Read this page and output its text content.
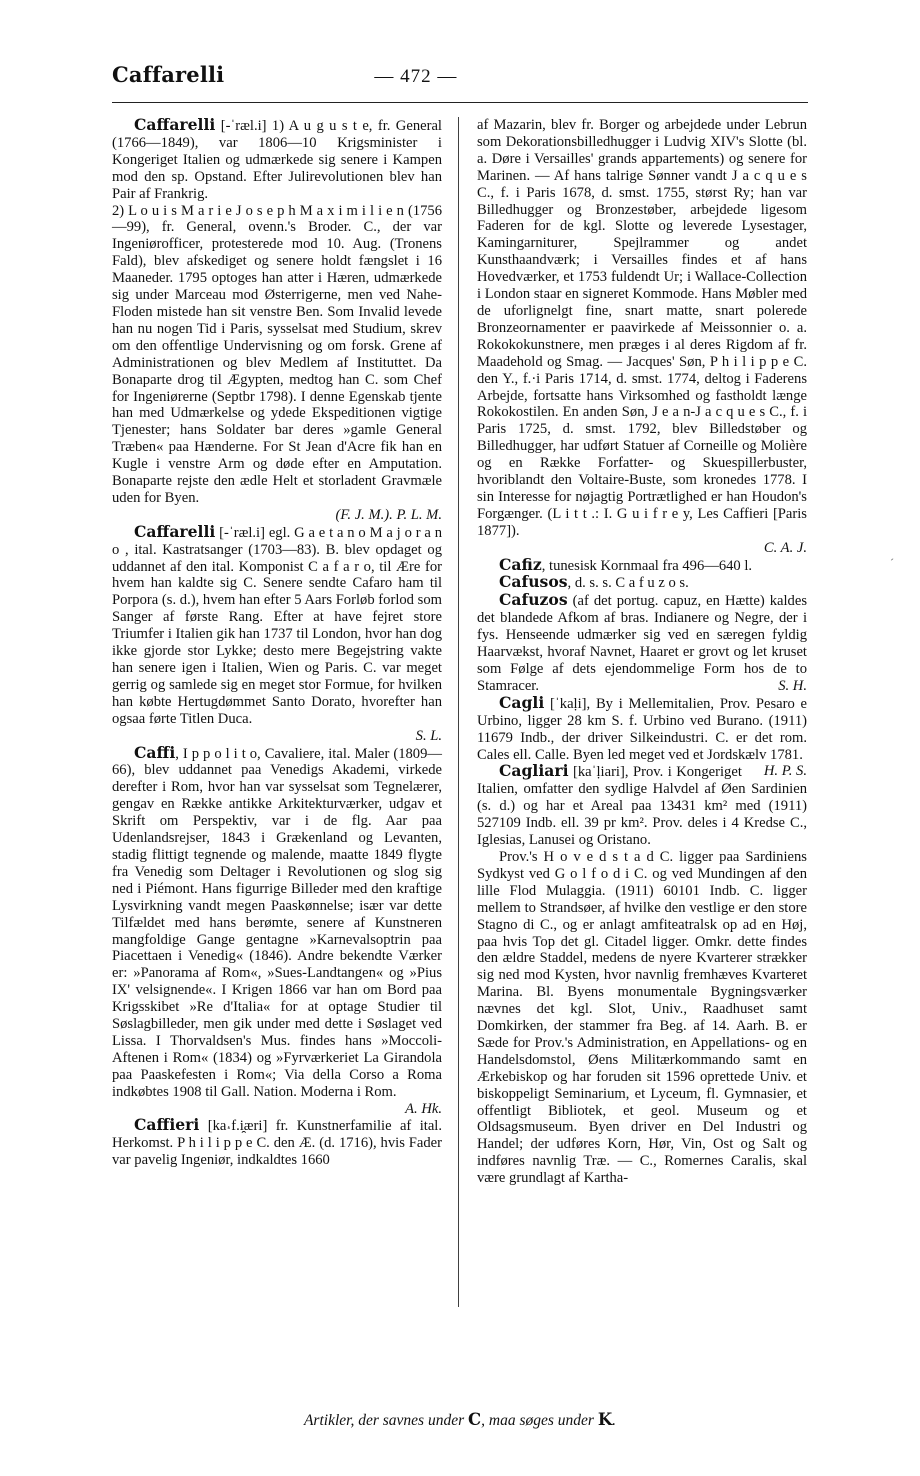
Caffarelli	— 472 —

Caffarelli [-ˈræl.i] 1) A u g u s t e, fr. General (1766—1849), var 1806—10 Krigsminister i Kongeriget Italien og udmærkede sig senere i Kampen mod den sp. Opstand. Efter Julirevolutionen blev han Pair af Frankrig.

2) L o u i s M a r i e J o s e p h M a x i m i l i e n (1756—99), fr. General, ovenn.'s Broder. C., der var Ingeniørofficer, protesterede mod 10. Aug. (Tronens Fald), blev afskediget og senere holdt fængslet i 16 Maaneder. 1795 optoges han atter i Hæren, udmærkede sig under Marceau mod Østerrigerne, men ved Nahe-Floden mistede han sit venstre Ben. Som Invalid levede han nu nogen Tid i Paris, sysselsat med Studium, skrev om den offentlige Undervisning og om forsk. Grene af Administrationen og blev Medlem af Instituttet. Da Bonaparte drog til Ægypten, medtog han C. som Chef for Ingeniørerne (Septbr 1798). I denne Egenskab tjente han med Udmærkelse og ydede Ekspeditionen vigtige Tjenester; hans Soldater bar deres »gamle General Træben« paa Hænderne. For St Jean d'Acre fik han en Kugle i venstre Arm og døde efter en Amputation. Bonaparte rejste den ædle Helt et storladent Gravmæle uden for Byen.

(F. J. M.). P. L. M.

Caffarelli [-ˈræl.i] egl. G a e t a n o M a j o r a n o , ital. Kastratsanger (1703—83). B. blev opdaget og uddannet af den ital. Komponist C a f a r o, til Ære for hvem han kaldte sig C. Senere sendte Cafaro ham til Porpora (s. d.), hvem han efter 5 Aars Forløb forlod som Sanger af første Rang. Efter at have fejret store Triumfer i Italien gik han 1737 til London, hvor han dog ikke gjorde stor Lykke; desto mere Begejstring vakte han senere igen i Italien, Wien og Paris. C. var meget gerrig og samlede sig en meget stor Formue, for hvilken han købte Hertugdømmet Santo Dorato, hvorefter han ogsaa førte Titlen Duca.

S. L.

Caffi, I p p o l i t o, Cavaliere, ital. Maler (1809—66), blev uddannet paa Venedigs Akademi, virkede derefter i Rom, hvor han var sysselsat som Tegnelærer, gengav en Række antikke Arkitekturværker, udgav et Skrift om Perspektiv, var i de flg. Aar paa Udenlandsrejser, 1843 i Grækenland og Levanten, stadig flittigt tegnende og malende, maatte 1849 flygte fra Venedig som Deltager i Revolutionen og slog sig ned i Piémont. Hans figurrige Billeder med den kraftige Lysvirkning vandt megen Paaskønnelse; især var dette Tilfældet med hans berømte, senere af Kunstneren mangfoldige Gange gentagne »Karnevalsoptrin paa Piacettaen i Venedig« (1846). Andre bekendte Værker er: »Panorama af Rom«, »Sues-Landtangen« og »Pius IX' velsignende«. I Krigen 1866 var han om Bord paa Krigsskibet »Re d'Italia« for at optage Studier til Søslagbilleder, men gik under med dette i Søslaget ved Lissa. I Thorvaldsen's Mus. findes hans »Moccoli-Aftenen i Rom« (1834) og »Fyrværkeriet La Girandola paa Paaskefesten i Rom«; Via della Corso a Roma indkøbtes 1908 til Gall. Nation. Moderna i Rom.

A. Hk.

Caffieri [ka˔f.i̯æri] fr. Kunstnerfamilie af ital. Herkomst. P h i l i p p e C. den Æ. (d. 1716), hvis Fader var pavelig Ingeniør, indkaldtes 1660

af Mazarin, blev fr. Borger og arbejdede under Lebrun som Dekorationsbilledhugger i Ludvig XIV's Slotte (bl. a. Døre i Versailles' grands appartements) og senere for Marinen. — Af hans talrige Sønner vandt J a c q u e s C., f. i Paris 1678, d. smst. 1755, størst Ry; han var Billedhugger og Bronzestøber, arbejdede ligesom Faderen for de kgl. Slotte og leverede Lysestager, Kamingarniturer, Spejlrammer og andet Kunsthaandværk; i Versailles findes et af hans Hovedværker, et 1753 fuldendt Ur; i Wallace-Collection i London staar en signeret Kommode. Hans Møbler med de uforlignelgt fine, snart matte, snart polerede Bronzeornamenter er paavirkede af Meissonnier o. a. Rokokokunstnere, men præges i al deres Rigdom af fr. Maadehold og Smag. — Jacques' Søn, P h i l i p p e C. den Y., f.·i Paris 1714, d. smst. 1774, deltog i Faderens Arbejde, fortsatte hans Virksomhed og fastholdt længe Rokokostilen. En anden Søn, J e a n-J a c q u e s C., f. i Paris 1725, d. smst. 1792, blev Billedstøber og Billedhugger, har udført Statuer af Corneille og Molière og en Række Forfatter- og Skuespillerbuster, hvoriblandt den Voltaire-Buste, som kronedes 1778. I sin Interesse for nøjagtig Portrætlighed er han Houdon's Forgænger. (L i t t .: I. G u i f r e y, Les Caffieri [Paris 1877]).

C. A. J.

Cafiz, tunesisk Kornmaal fra 496—640 l.

Cafusos, d. s. s. C a f u z o s.

Cafuzos (af det portug. capuz, en Hætte) kaldes det blandede Afkom af bras. Indianere og Negre, der i fys. Henseende udmærker sig ved en særegen fyldig Haarvækst, hvoraf Navnet, Haaret er grovt og let kruset som Følge af dets ejendommelige Form hos de to Stamracer.	S. H.

Cagli [ˈkaḷi], By i Mellemitalien, Prov. Pesaro e Urbino, ligger 28 km S. f. Urbino ved Burano. (1911) 11679 Indb., der driver Silkeindustri. C. er det rom. Cales ell. Calle. Byen led meget ved et Jordskælv 1781.
H. P. S.

Cagliari [kaˈḷiari], Prov. i Kongeriget Italien, omfatter den sydlige Halvdel af Øen Sardinien (s. d.) og har et Areal paa 13431 km² med (1911) 527109 Indb. ell. 39 pr km². Prov. deles i 4 Kredse C., Iglesias, Lanusei og Oristano.

Prov.'s H o v e d s t a d C. ligger paa Sardiniens Sydkyst ved G o l f o d i C. og ved Mundingen af den lille Flod Mulaggia. (1911) 60101 Indb. C. ligger mellem to Strandsøer, af hvilke den vestlige er den store Stagno di C., og er anlagt amfiteatralsk op ad en Høj, paa hvis Top det gl. Citadel ligger. Omkr. dette findes den ældre Staddel, medens de nyere Kvarterer strækker sig ned mod Kysten, hvor navnlig fremhæves Kvarteret Marina. Bl. Byens monumentale Bygningsværker nævnes det kgl. Slot, Univ., Raadhuset samt Domkirken, der stammer fra Beg. af 14. Aarh. B. er Sæde for Prov.'s Administration, en Appellations- og en Handelsdomstol, Øens Militærkommando samt en Ærkebiskop og har foruden sit 1596 oprettede Univ. et biskoppeligt Seminarium, et Lyceum, fl. Gymnasier, et offentligt Bibliotek, et geol. Museum og et Oldsagsmuseum. Byen driver en Del Industri og Handel; der udføres Korn, Hør, Vin, Ost og Salt og indføres navnlig Træ. — C., Romernes Caralis, skal være grundlagt af Kartha-

´
Artikler, der savnes under C, maa søges under K.
